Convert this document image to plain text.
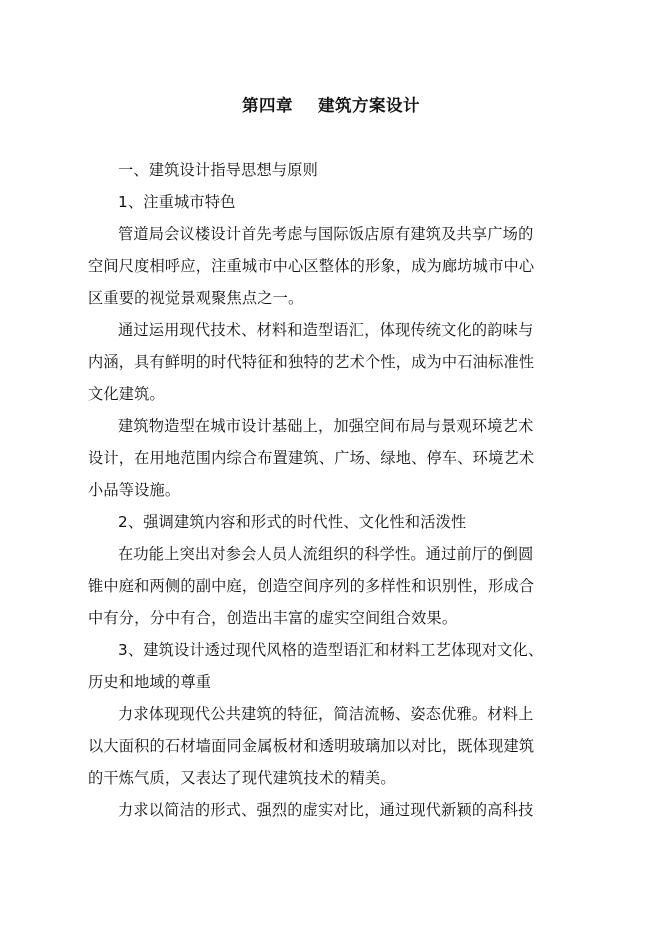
第四章    建筑方案设计
一、建筑设计指导思想与原则
1、注重城市特色
管道局会议楼设计首先考虑与国际饭店原有建筑及共享广场的
空间尺度相呼应，注重城市中心区整体的形象，成为廊坊城市中心
区重要的视觉景观聚焦点之一。
通过运用现代技术、材料和造型语汇，体现传统文化的韵味与
内涵，具有鲜明的时代特征和独特的艺术个性，成为中石油标准性
文化建筑。
建筑物造型在城市设计基础上，加强空间布局与景观环境艺术
设计，在用地范围内综合布置建筑、广场、绿地、停车、环境艺术
小品等设施。
2、强调建筑内容和形式的时代性、文化性和活泼性
在功能上突出对参会人员人流组织的科学性。通过前厅的倒圆
锥中庭和两侧的副中庭，创造空间序列的多样性和识别性，形成合
中有分，分中有合，创造出丰富的虚实空间组合效果。
3、建筑设计透过现代风格的造型语汇和材料工艺体现对文化、
历史和地域的尊重
力求体现现代公共建筑的特征，简洁流畅、姿态优雅。材料上
以大面积的石材墙面同金属板材和透明玻璃加以对比，既体现建筑
的干炼气质，又表达了现代建筑技术的精美。
力求以简洁的形式、强烈的虚实对比，通过现代新颖的高科技
